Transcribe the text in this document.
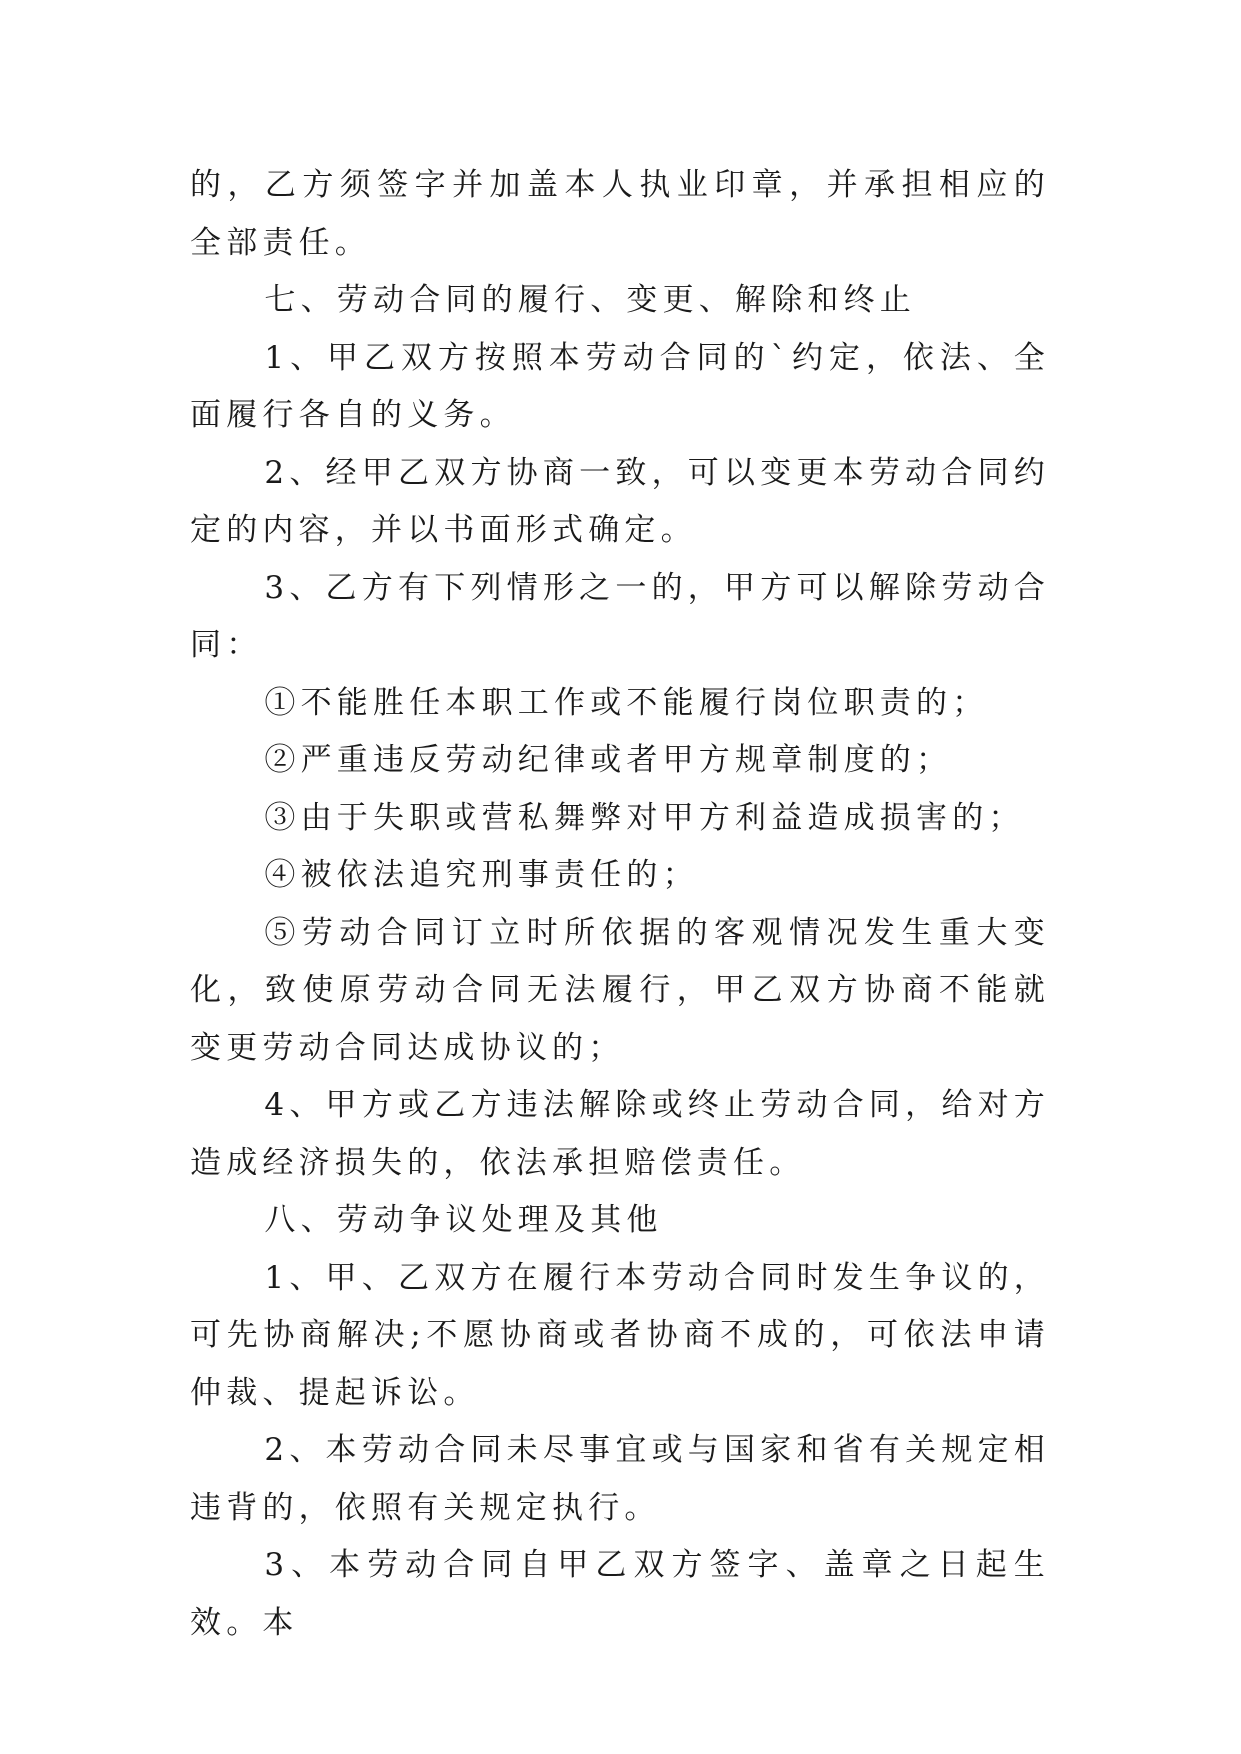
的，乙方须签字并加盖本人执业印章，并承担相应的全部责任。

七、劳动合同的履行、变更、解除和终止

1、甲乙双方按照本劳动合同的`约定，依法、全面履行各自的义务。

2、经甲乙双方协商一致，可以变更本劳动合同约定的内容，并以书面形式确定。

3、乙方有下列情形之一的，甲方可以解除劳动合同：

①不能胜任本职工作或不能履行岗位职责的；

②严重违反劳动纪律或者甲方规章制度的；

③由于失职或营私舞弊对甲方利益造成损害的；

④被依法追究刑事责任的；

⑤劳动合同订立时所依据的客观情况发生重大变化，致使原劳动合同无法履行，甲乙双方协商不能就变更劳动合同达成协议的；

4、甲方或乙方违法解除或终止劳动合同，给对方造成经济损失的，依法承担赔偿责任。

八、劳动争议处理及其他

1、甲、乙双方在履行本劳动合同时发生争议的，可先协商解决;不愿协商或者协商不成的，可依法申请仲裁、提起诉讼。

2、本劳动合同未尽事宜或与国家和省有关规定相违背的，依照有关规定执行。

3、本劳动合同自甲乙双方签字、盖章之日起生效。本
